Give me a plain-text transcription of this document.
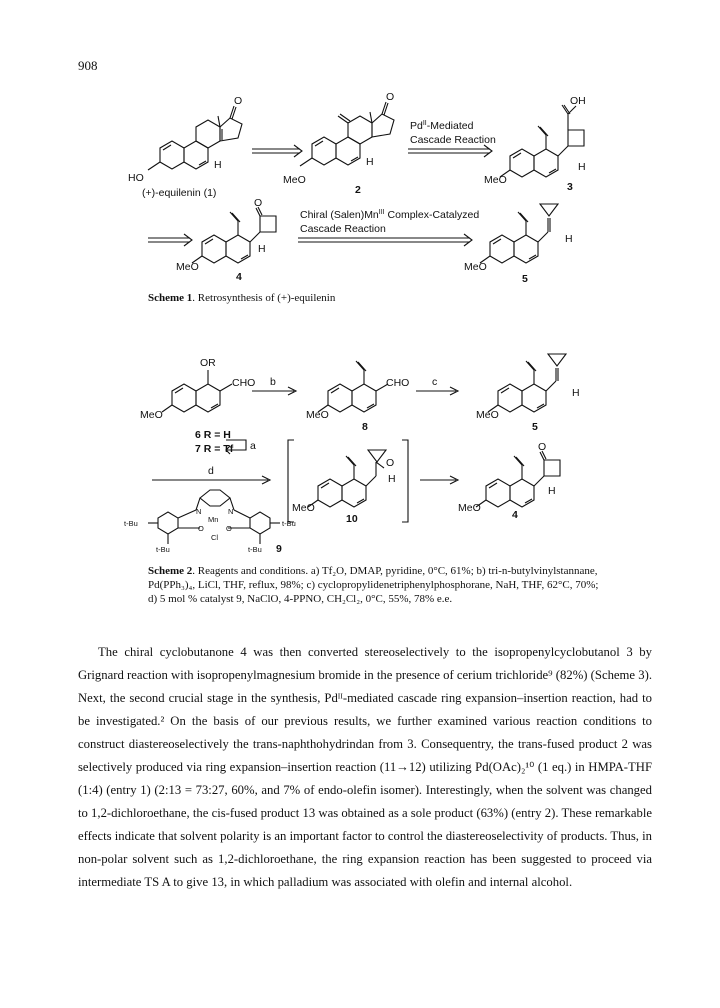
908
HO
(+)-equilenin (1)
O
H
MeO
2
O
H
$Pd^{II}$-Mediated
Cascade Reaction
MeO
OH
H
3
O
H
MeO
4
Chiral $(Salen)Mn^{III}$ Complex-Catalyzed
Cascade Reaction
MeO
H
5
Scheme 1. Retrosynthesis of (+)-equilenin
OR
CHO
MeO
6 R = H
7 R = Tf a
b	CHO
MeO
8
c
MeO
H
5
d
MeO
O
H
10
MeO
O
H
4
N	N
Mn
O	O
Cl
t-Bu	t-Bu
t-Bu	t-Bu 9
Scheme 2. Reagents and conditions. a) Tf₂O, DMAP, pyridine, 0°C, 61%; b) tri-n-butylvinylstannane, Pd(PPh₃)₄, LiCl, THF, reflux, 98%; c) cyclopropylidenetriphenylphosphorane, NaH, THF, 62°C, 70%; d) 5 mol % catalyst 9, NaClO, 4-PPNO, CH₂Cl₂, 0°C, 55%, 78% e.e.

The chiral cyclobutanone 4 was then converted stereoselectively to the isopropenylcyclobutanol 3 by Grignard reaction with isopropenylmagnesium bromide in the presence of cerium trichloride⁹ (82%) (Scheme 3). Next, the second crucial stage in the synthesis, Pdᴵᴵ-mediated cascade ring expansion–insertion reaction, had to be investigated.² On the basis of our previous results, we further examined various reaction conditions to construct diastereoselectively the trans-naphthohydrindan from 3. Consequentry, the trans-fused product 2 was selectively produced via ring expansion–insertion reaction (11→12) utilizing Pd(OAc)₂¹⁰ (1 eq.) in HMPA-THF (1:4) (entry 1) (2:13 = 73:27, 60%, and 7% of endo-olefin isomer). Interestingly, when the solvent was changed to 1,2-dichloroethane, the cis-fused product 13 was obtained as a sole product (63%) (entry 2). These remarkable effects indicate that solvent polarity is an important factor to control the diastereoselectivity of products. Thus, in non-polar solvent such as 1,2-dichloroethane, the ring expansion reaction has been suggested to proceed via intermediate TS A to give 13, in which palladium was associated with olefin and internal alcohol.
